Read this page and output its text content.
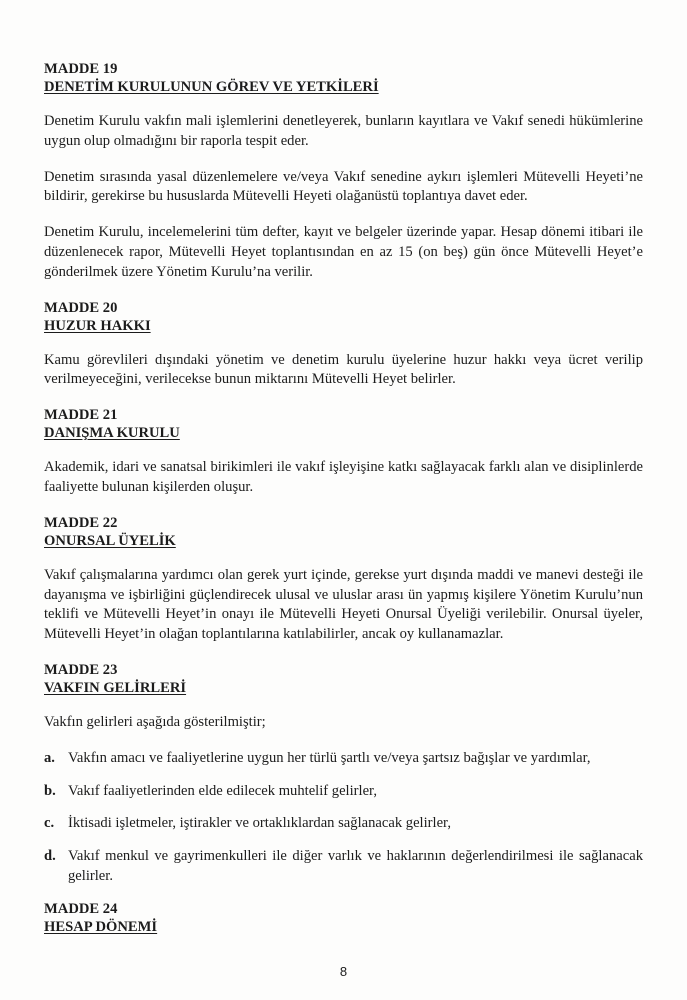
MADDE 19
DENETİM KURULUNUN GÖREV VE YETKİLERİ

Denetim Kurulu vakfın mali işlemlerini denetleyerek, bunların kayıtlara ve Vakıf senedi hükümlerine uygun olup olmadığını bir raporla tespit eder.

Denetim sırasında yasal düzenlemelere ve/veya Vakıf senedine aykırı işlemleri Mütevelli Heyeti’ne bildirir, gerekirse bu hususlarda Mütevelli Heyeti olağanüstü toplantıya davet eder.

Denetim Kurulu, incelemelerini tüm defter, kayıt ve belgeler üzerinde yapar. Hesap dönemi itibari ile düzenlenecek rapor, Mütevelli Heyet toplantısından en az 15 (on beş) gün önce Mütevelli Heyet’e gönderilmek üzere Yönetim Kurulu’na verilir.

MADDE 20
HUZUR HAKKI

Kamu görevlileri dışındaki yönetim ve denetim kurulu üyelerine huzur hakkı veya ücret verilip verilmeyeceğini, verilecekse bunun miktarını Mütevelli Heyet belirler.

MADDE 21
DANIŞMA KURULU

Akademik, idari ve sanatsal birikimleri ile vakıf işleyişine katkı sağlayacak farklı alan ve disiplinlerde faaliyette bulunan kişilerden oluşur.

MADDE 22
ONURSAL ÜYELİK

Vakıf çalışmalarına yardımcı olan gerek yurt içinde, gerekse yurt dışında maddi ve manevi desteği ile dayanışma ve işbirliğini güçlendirecek ulusal ve uluslar arası ün yapmış kişilere Yönetim Kurulu’nun teklifi ve Mütevelli Heyet’in onayı ile Mütevelli Heyeti Onursal Üyeliği verilebilir. Onursal üyeler, Mütevelli Heyet’in olağan toplantılarına katılabilirler, ancak oy kullanamazlar.

MADDE 23
VAKFIN GELİRLERİ

Vakfın gelirleri aşağıda gösterilmiştir;

a. Vakfın amacı ve faaliyetlerine uygun her türlü şartlı ve/veya şartsız bağışlar ve yardımlar,
b. Vakıf faaliyetlerinden elde edilecek muhtelif gelirler,
c. İktisadi işletmeler, iştirakler ve ortaklıklardan sağlanacak gelirler,
d. Vakıf menkul ve gayrimenkulleri ile diğer varlık ve haklarının değerlendirilmesi ile sağlanacak gelirler.
MADDE 24
HESAP DÖNEMİ
8
